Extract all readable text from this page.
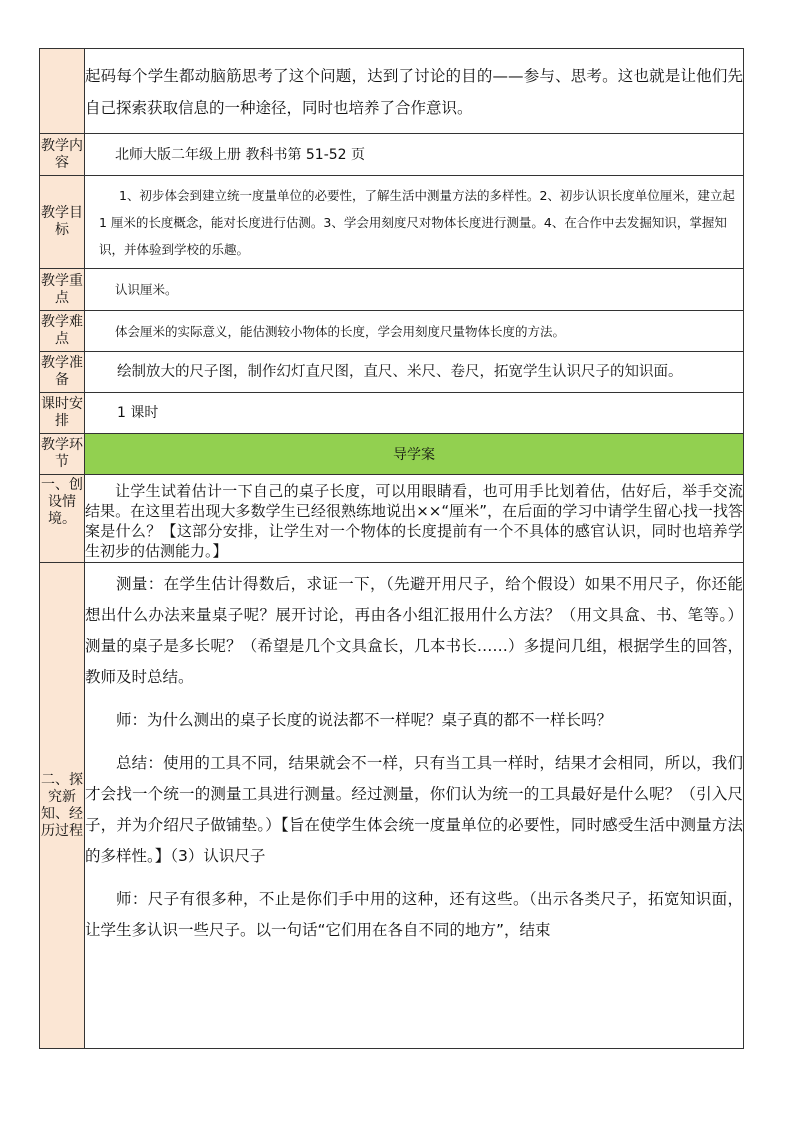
	起码每个学生都动脑筋思考了这个问题，达到了讨论的目的——参与、思考。这也就是让他们先自己探索获取信息的一种途径，同时也培养了合作意识。
教学内容	北师大版二年级上册 教科书第 51-52 页
教学目标	1、初步体会到建立统一度量单位的必要性，了解生活中测量方法的多样性。2、初步认识长度单位厘米，建立起 1 厘米的长度概念，能对长度进行估测。3、学会用刻度尺对物体长度进行测量。4、在合作中去发掘知识，掌握知识，并体验到学校的乐趣。
教学重点	认识厘米。
教学难点	体会厘米的实际意义，能估测较小物体的长度，学会用刻度尺量物体长度的方法。
教学准备	绘制放大的尺子图，制作幻灯直尺图，直尺、米尺、卷尺，拓宽学生认识尺子的知识面。
课时安排	1 课时
教学环节	导学案
一、创设情境。	让学生试着估计一下自己的桌子长度，可以用眼睛看，也可用手比划着估，估好后，举手交流结果。在这里若出现大多数学生已经很熟练地说出××“厘米”，在后面的学习中请学生留心找一找答案是什么？【这部分安排，让学生对一个物体的长度提前有一个不具体的感官认识，同时也培养学生初步的估测能力。】
二、探究新知、经历过程	测量：在学生估计得数后，求证一下，（先避开用尺子，给个假设）如果不用尺子，你还能想出什么办法来量桌子呢？展开讨论，再由各小组汇报用什么方法？（用文具盒、书、笔等。）测量的桌子是多长呢？（希望是几个文具盒长，几本书长……）多提问几组，根据学生的回答，教师及时总结。

师：为什么测出的桌子长度的说法都不一样呢？桌子真的都不一样长吗？

总结：使用的工具不同，结果就会不一样，只有当工具一样时，结果才会相同，所以，我们才会找一个统一的测量工具进行测量。经过测量，你们认为统一的工具最好是什么呢？（引入尺子，并为介绍尺子做铺垫。）【旨在使学生体会统一度量单位的必要性，同时感受生活中测量方法的多样性。】（3）认识尺子

师：尺子有很多种，不止是你们手中用的这种，还有这些。（出示各类尺子，拓宽知识面，让学生多认识一些尺子。以一句话“它们用在各自不同的地方”，结束
